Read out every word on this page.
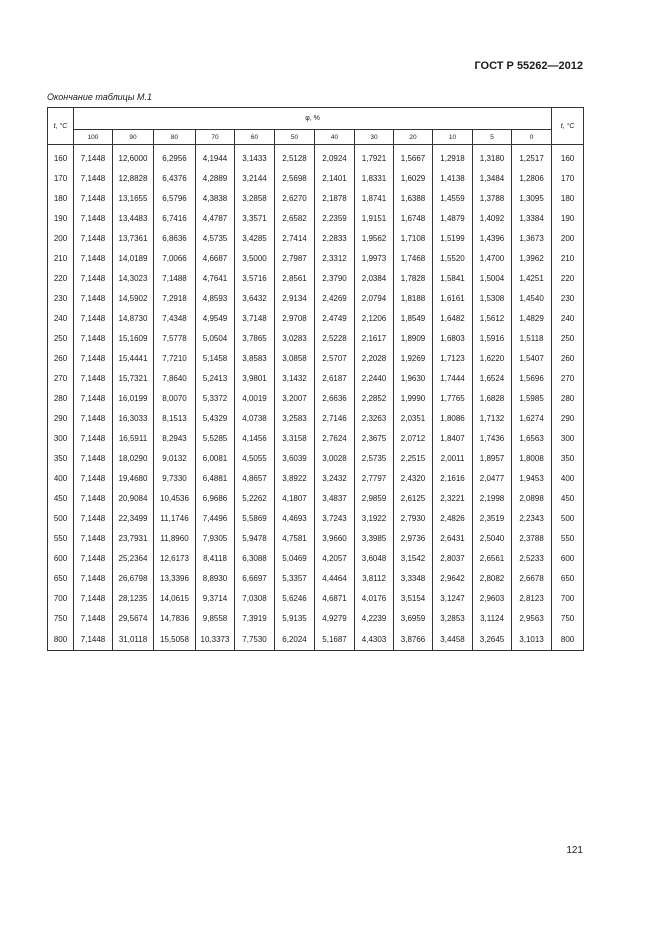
ГОСТ Р 55262—2012
Окончание таблицы М.1
t, °C	φ, %												t, °C
	100	90	80	70	60	50	40	30	20	10	5	0	
160	7,1448	12,6000	6,2956	4,1944	3,1433	2,5128	2,0924	1,7921	1,5667	1,2918	1,3180	1,2517	160
170	7,1448	12,8828	6,4376	4,2889	3,2144	2,5698	2,1401	1,8331	1,6029	1,4138	1,3484	1,2806	170
180	7,1448	13,1655	6,5796	4,3838	3,2858	2,6270	2,1878	1,8741	1,6388	1,4559	1,3788	1,3095	180
190	7,1448	13,4483	6,7416	4,4787	3,3571	2,6582	2,2359	1,9151	1,6748	1,4879	1,4092	1,3384	190
200	7,1448	13,7361	6,8636	4,5735	3,4285	2,7414	2,2833	1,9562	1,7108	1,5199	1,4396	1,3673	200
210	7,1448	14,0189	7,0066	4,6687	3,5000	2,7987	2,3312	1,9973	1,7468	1,5520	1,4700	1,3962	210
220	7,1448	14,3023	7,1488	4,7641	3,5716	2,8561	2,3790	2,0384	1,7828	1,5841	1,5004	1,4251	220
230	7,1448	14,5902	7,2918	4,8593	3,6432	2,9134	2,4269	2,0794	1,8188	1,6161	1,5308	1,4540	230
240	7,1448	14,8730	7,4348	4,9549	3,7148	2,9708	2,4749	2,1206	1,8549	1,6482	1,5612	1,4829	240
250	7,1448	15,1609	7,5778	5,0504	3,7865	3,0283	2,5228	2,1617	1,8909	1,6803	1,5916	1,5118	250
260	7,1448	15,4441	7,7210	5,1458	3,8583	3,0858	2,5707	2,2028	1,9269	1,7123	1,6220	1,5407	260
270	7,1448	15,7321	7,8640	5,2413	3,9801	3,1432	2,6187	2,2440	1,9630	1,7444	1,6524	1,5696	270
280	7,1448	16,0199	8,0070	5,3372	4,0019	3,2007	2,6636	2,2852	1,9990	1,7765	1,6828	1,5985	280
290	7,1448	16,3033	8,1513	5,4329	4,0738	3,2583	2,7146	2,3263	2,0351	1,8086	1,7132	1,6274	290
300	7,1448	16,5911	8,2943	5,5285	4,1456	3,3158	2,7624	2,3675	2,0712	1,8407	1,7436	1,6563	300
350	7,1448	18,0290	9,0132	6,0081	4,5055	3,6039	3,0028	2,5735	2,2515	2,0011	1,8957	1,8008	350
400	7,1448	19,4680	9,7330	6,4881	4,8657	3,8922	3,2432	2,7797	2,4320	2,1616	2,0477	1,9453	400
450	7,1448	20,9084	10,4536	6,9686	5,2262	4,1807	3,4837	2,9859	2,6125	2,3221	2,1998	2,0898	450
500	7,1448	22,3499	11,1746	7,4496	5,5869	4,4693	3,7243	3,1922	2,7930	2,4826	2,3519	2,2343	500
550	7,1448	23,7931	11,8960	7,9305	5,9478	4,7581	3,9660	3,3985	2,9736	2,6431	2,5040	2,3788	550
600	7,1448	25,2364	12,6173	8,4118	6,3088	5,0469	4,2057	3,6048	3,1542	2,8037	2,6561	2,5233	600
650	7,1448	26,6798	13,3396	8,8930	6,6697	5,3357	4,4464	3,8112	3,3348	2,9642	2,8082	2,6678	650
700	7,1448	28,1235	14,0615	9,3714	7,0308	5,6246	4,6871	4,0176	3,5154	3,1247	2,9603	2,8123	700
750	7,1448	29,5674	14,7836	9,8558	7,3919	5,9135	4,9279	4,2239	3,6959	3,2853	3,1124	2,9563	750
800	7,1448	31,0118	15,5058	10,3373	7,7530	6,2024	5,1687	4,4303	3,8766	3,4458	3,2645	3,1013	800
121
